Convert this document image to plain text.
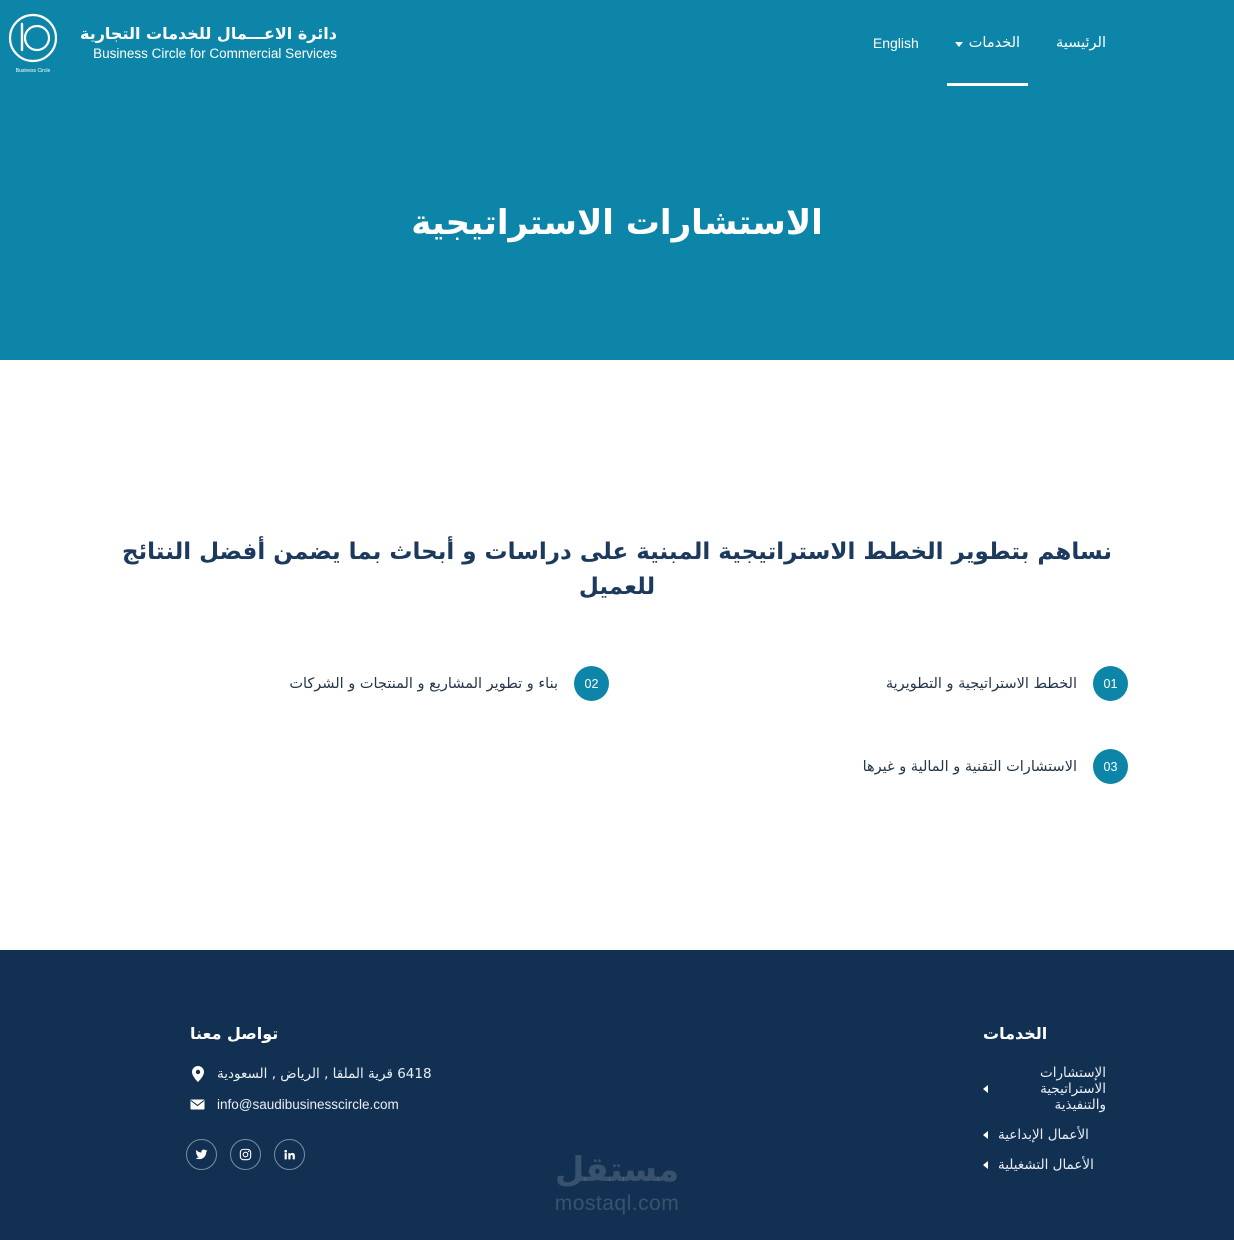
الرئيسية
الخدمات
English
دائرة الاعـــمال للخدمات التجارية
Business Circle for Commercial Services
Business Circle
الاستشارات الاستراتيجية
نساهم بتطوير الخطط الاستراتيجية المبنية على دراسات و أبحاث بما يضمن أفضل النتائج للعميل
01
الخطط الاستراتيجية و التطويرية
02
بناء و تطوير المشاريع و المنتجات و الشركات
03
الاستشارات التقنية و المالية و غيرها
الخدمات
الإستشارات الاستراتيجية والتنفيذية
الأعمال الإبداعية
الأعمال التشغيلية
تواصل معنا
6418 قرية الملقا , الرياض , السعودية
info@saudibusinesscircle.com
مستقل
mostaql.com
